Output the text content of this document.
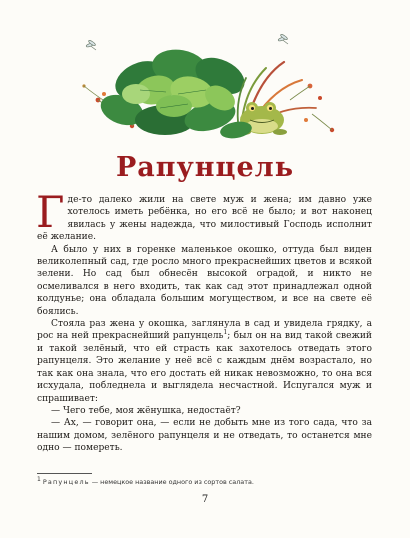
Рапунцель

Где-то далеко жили на свете муж и жена; им давно уже хотелось иметь ребёнка, но его всё не было; и вот наконец явилась у жены надежда, что милостивый Господь исполнит её желание.

А было у них в горенке маленькое окошко, оттуда был виден великолепный сад, где росло много прекраснейших цветов и всякой зелени. Но сад был обнесён высокой оградой, и никто не осмеливался в него входить, так как сад этот принадлежал одной колдунье; она обладала большим могуществом, и все на свете её боялись.

Стояла раз жена у окошка, заглянула в сад и увидела грядку, а рос на ней прекраснейший рапунцель$^1$; был он на вид такой свежий и такой зелёный, что ей страсть как захотелось отведать этого рапунцеля. Это желание у неё всё с каждым днём возрастало, но так как она знала, что его достать ей никак невозможно, то она вся исхудала, побледнела и выглядела несчастной. Испугался муж и спрашивает:

— Чего тебе, моя жёнушка, недостаёт?

— Ах, — говорит она, — если не добыть мне из того сада, что за нашим домом, зелёного рапунцеля и не отведать, то останется мне одно — помереть.

$^1$ Рапунцель — немецкое название одного из сортов салата.
7
